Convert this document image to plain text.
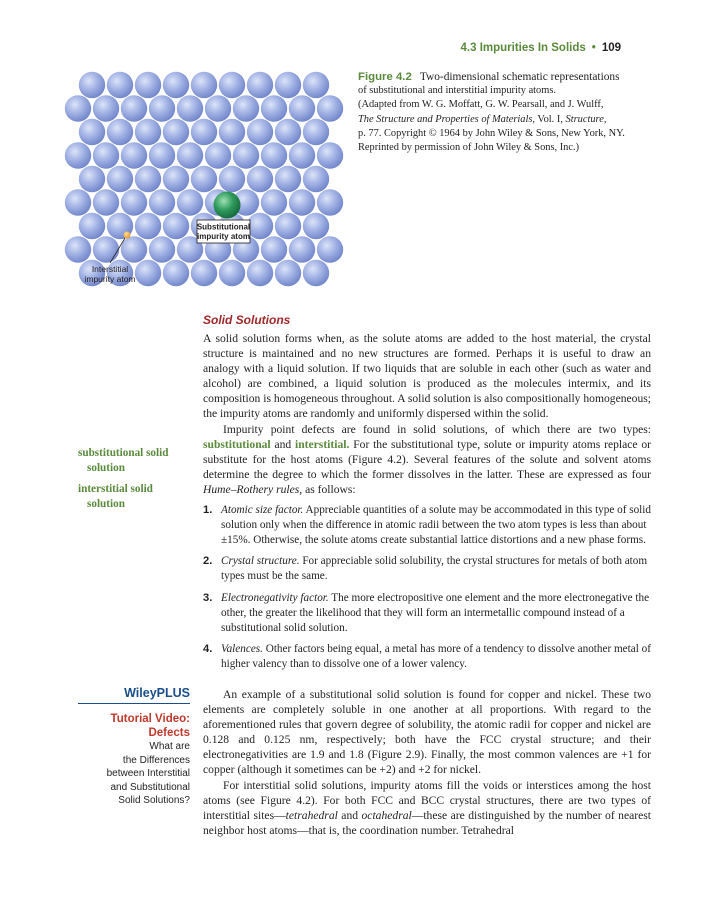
4.3 Impurities In Solids • 109
Substitutional
impurity atom
Interstitial
impurity atom
Figure 4.2 Two-dimensional schematic representations
of substitutional and interstitial impurity atoms.
(Adapted from W. G. Moffatt, G. W. Pearsall, and J. Wulff,
The Structure and Properties of Materials, Vol. I, Structure,
p. 77. Copyright © 1964 by John Wiley & Sons, New York, NY.
Reprinted by permission of John Wiley & Sons, Inc.)
Solid Solutions

A solid solution forms when, as the solute atoms are added to the host material, the crystal structure is maintained and no new structures are formed. Perhaps it is useful to draw an analogy with a liquid solution. If two liquids that are soluble in each other (such as water and alcohol) are combined, a liquid solution is produced as the molecules intermix, and its composition is homogeneous throughout. A solid solution is also compositionally homogeneous; the impurity atoms are randomly and uniformly dispersed within the solid.

Impurity point defects are found in solid solutions, of which there are two types: substitutional and interstitial. For the substitutional type, solute or impurity atoms replace or substitute for the host atoms (Figure 4.2). Several features of the solute and solvent atoms determine the degree to which the former dissolves in the latter. These are expressed as four Hume–Rothery rules, as follows:

1. Atomic size factor. Appreciable quantities of a solute may be accommodated in this type of solid solution only when the difference in atomic radii between the two atom types is less than about ±15%. Otherwise, the solute atoms create substantial lattice distortions and a new phase forms.
2. Crystal structure. For appreciable solid solubility, the crystal structures for metals of both atom types must be the same.
3. Electronegativity factor. The more electropositive one element and the more electronegative the other, the greater the likelihood that they will form an intermetallic compound instead of a substitutional solid solution.
4. Valences. Other factors being equal, a metal has more of a tendency to dissolve another metal of higher valency than to dissolve one of a lower valency.

An example of a substitutional solid solution is found for copper and nickel. These two elements are completely soluble in one another at all proportions. With regard to the aforementioned rules that govern degree of solubility, the atomic radii for copper and nickel are 0.128 and 0.125 nm, respectively; both have the FCC crystal structure; and their electronegativities are 1.9 and 1.8 (Figure 2.9). Finally, the most common valences are +1 for copper (although it sometimes can be +2) and +2 for nickel.

For interstitial solid solutions, impurity atoms fill the voids or interstices among the host atoms (see Figure 4.2). For both FCC and BCC crystal structures, there are two types of interstitial sites—tetrahedral and octahedral—these are distinguished by the number of nearest neighbor host atoms—that is, the coordination number. Tetrahedral

substitutional solid
solution
interstitial solid
solution
WileyPLUS
Tutorial Video:
Defects
What are
the Differences
between Interstitial
and Substitutional
Solid Solutions?
